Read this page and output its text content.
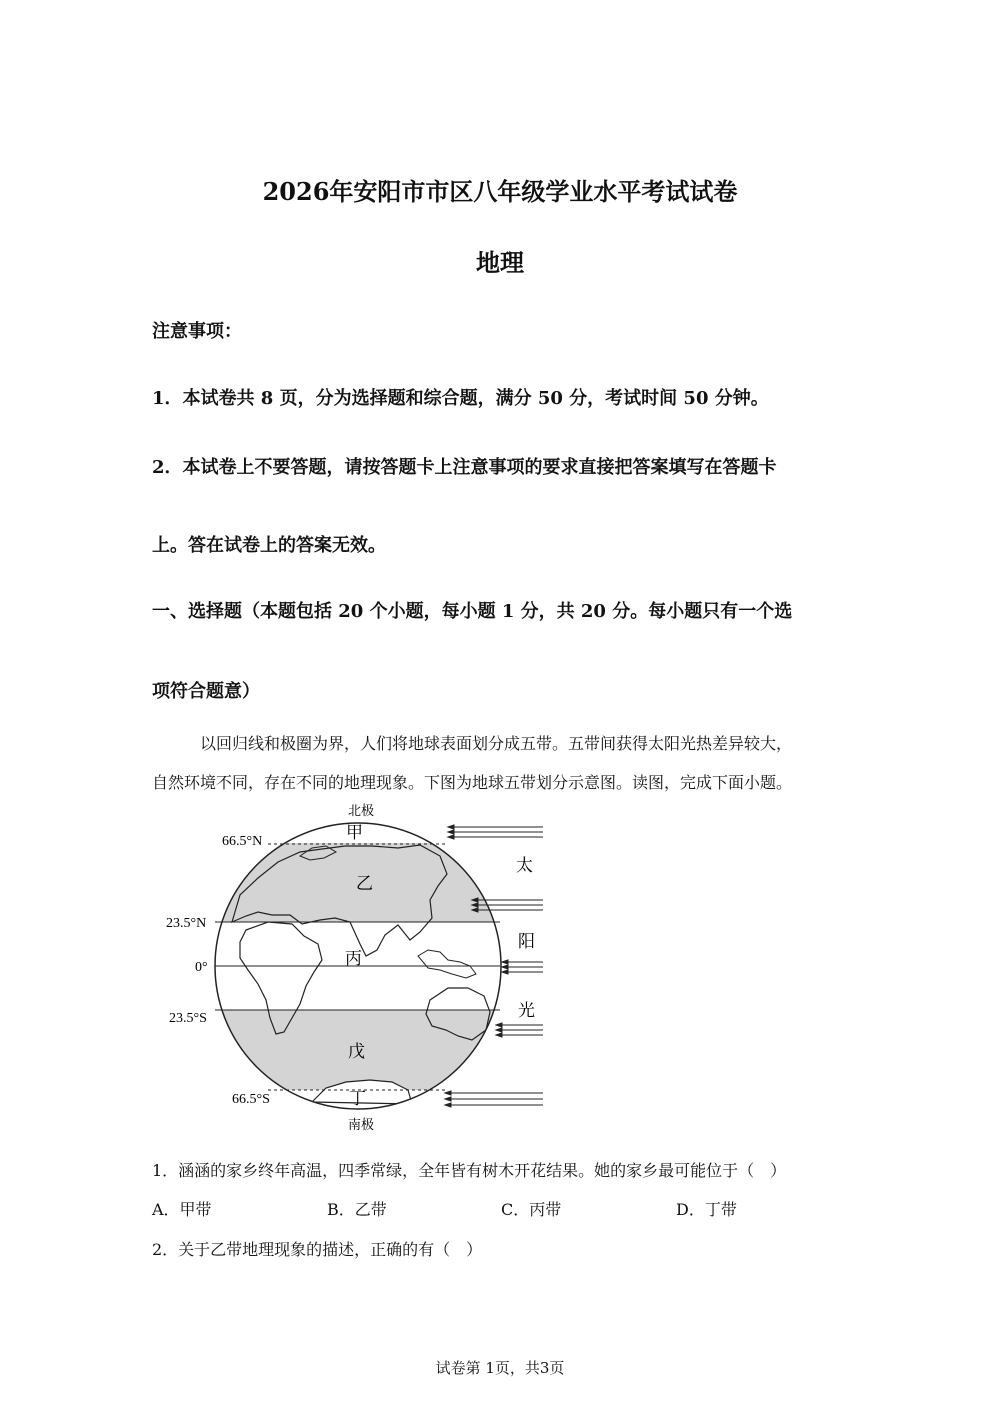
2026年安阳市市区八年级学业水平考试试卷
地理
注意事项：
1．本试卷共 8 页，分为选择题和综合题，满分 50 分，考试时间 50 分钟。
2．本试卷上不要答题，请按答题卡上注意事项的要求直接把答案填写在答题卡
上。答在试卷上的答案无效。
一、选择题（本题包括 20 个小题，每小题 1 分，共 20 分。每小题只有一个选
项符合题意）
以回归线和极圈为界，人们将地球表面划分成五带。五带间获得太阳光热差异较大，
自然环境不同，存在不同的地理现象。下图为地球五带划分示意图。读图，完成下面小题。
北极
南极
66.5°N
23.5°N
0°
23.5°S
66.5°S
甲
乙
丙
戊
丁
太
阳
光
1．涵涵的家乡终年高温，四季常绿，全年皆有树木开花结果。她的家乡最可能位于（　）
A．甲带	B．乙带	C．丙带	D．丁带
2．关于乙带地理现象的描述，正确的有（　）
试卷第 1页，共3页
